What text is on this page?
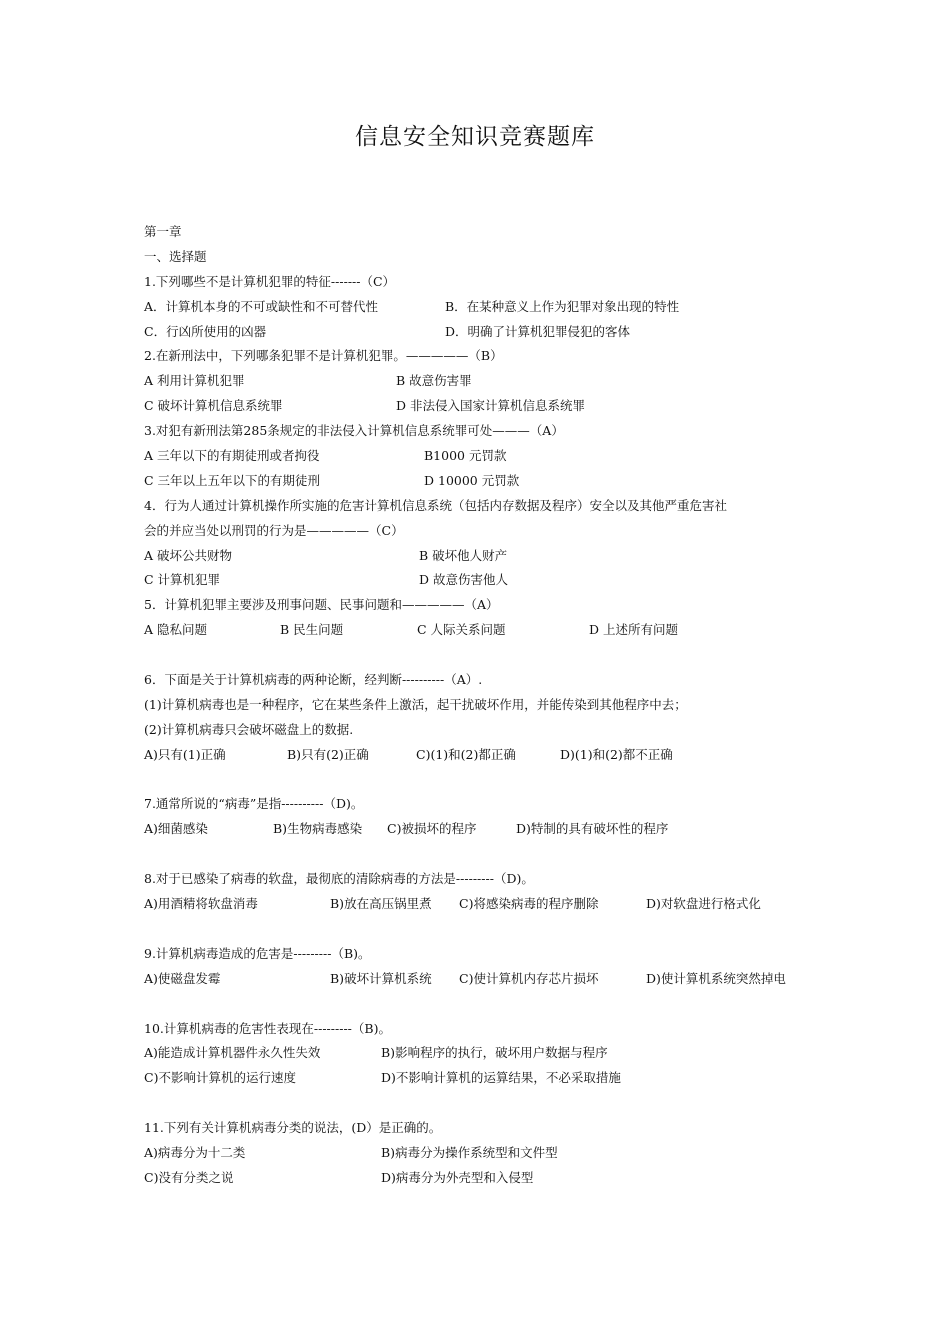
信息安全知识竞赛题库
第一章
一、选择题
1.下列哪些不是计算机犯罪的特征-------（C）
A．计算机本身的不可或缺性和不可替代性	B．在某种意义上作为犯罪对象出现的特性
C．行凶所使用的凶器	D．明确了计算机犯罪侵犯的客体
2.在新刑法中，下列哪条犯罪不是计算机犯罪。—————（B）
A 利用计算机犯罪	B 故意伤害罪
C 破坏计算机信息系统罪	D 非法侵入国家计算机信息系统罪
3.对犯有新刑法第285条规定的非法侵入计算机信息系统罪可处———（A）
A 三年以下的有期徒刑或者拘役	B1000 元罚款
C 三年以上五年以下的有期徒刑	D 10000 元罚款
4．行为人通过计算机操作所实施的危害计算机信息系统（包括内存数据及程序）安全以及其他严重危害社
会的并应当处以刑罚的行为是—————（C）
A 破坏公共财物	B 破坏他人财产
C 计算机犯罪	D 故意伤害他人
5．计算机犯罪主要涉及刑事问题、民事问题和—————（A）
A 隐私问题	B 民生问题	C 人际关系问题	D 上述所有问题
6．下面是关于计算机病毒的两种论断，经判断----------（A）.
(1)计算机病毒也是一种程序，它在某些条件上激活，起干扰破坏作用，并能传染到其他程序中去；
(2)计算机病毒只会破坏磁盘上的数据.
A)只有(1)正确	B)只有(2)正确	C)(1)和(2)都正确	D)(1)和(2)都不正确
7.通常所说的“病毒”是指----------（D)。
A)细菌感染	B)生物病毒感染 C)被损坏的程序	D)特制的具有破坏性的程序
8.对于已感染了病毒的软盘，最彻底的清除病毒的方法是---------（D)。
A)用酒精将软盘消毒	B)放在高压锅里煮 C)将感染病毒的程序删除	D)对软盘进行格式化
9.计算机病毒造成的危害是---------（B)。
A)使磁盘发霉	B)破坏计算机系统 C)使计算机内存芯片损坏	D)使计算机系统突然掉电
10.计算机病毒的危害性表现在---------（B)。
A)能造成计算机器件永久性失效	B)影响程序的执行，破坏用户数据与程序
C)不影响计算机的运行速度	D)不影响计算机的运算结果，不必采取措施
11.下列有关计算机病毒分类的说法，(D）是正确的。
A)病毒分为十二类	B)病毒分为操作系统型和文件型
C)没有分类之说	D)病毒分为外壳型和入侵型
